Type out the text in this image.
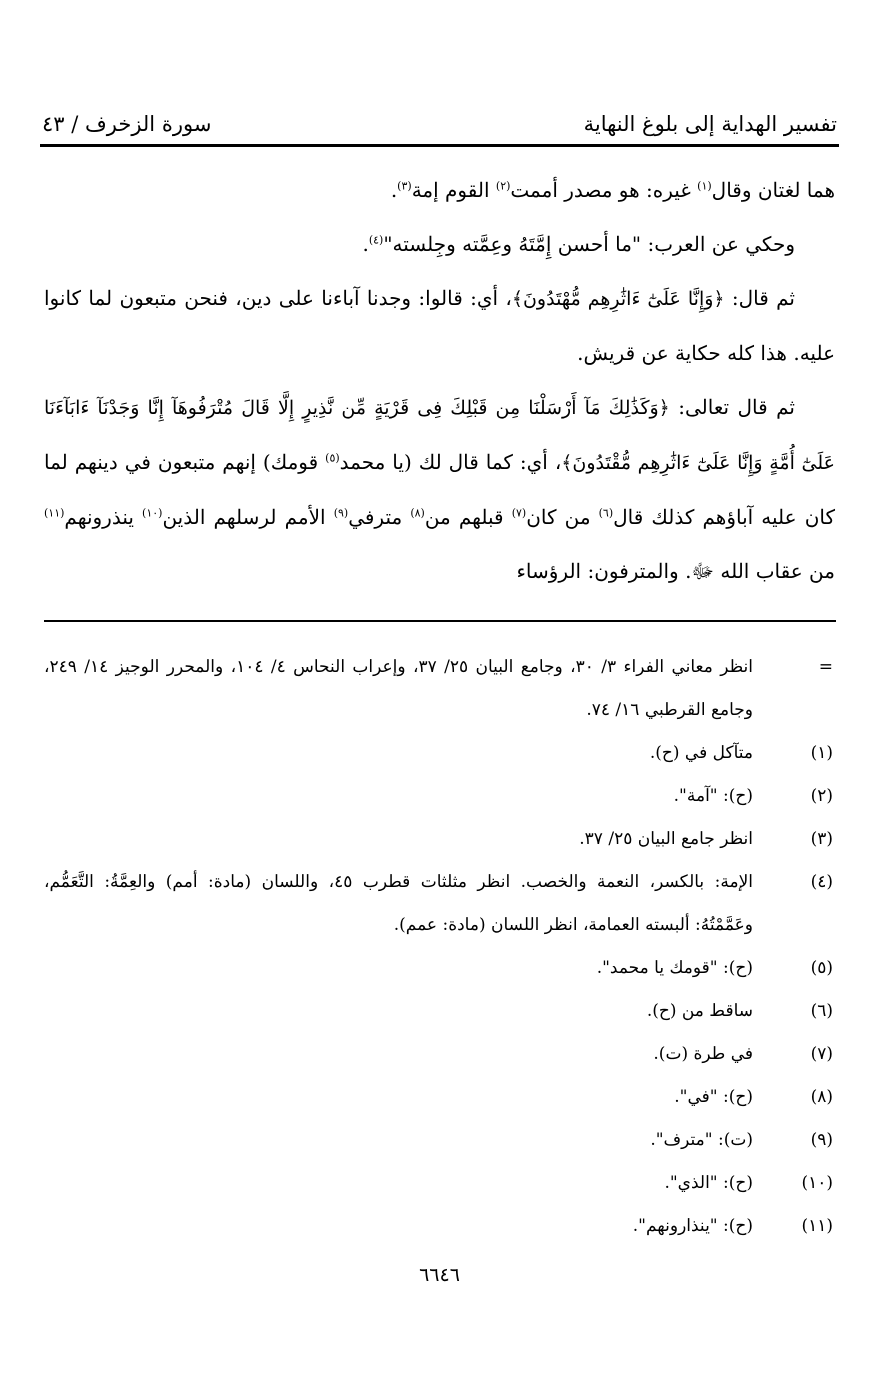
تفسير الهداية إلى بلوغ النهاية
سورة الزخرف / ٤٣

هما لغتان وقال$^{(١)}$ غيره: هو مصدر أممت$^{(٢)}$ القوم إمة$^{(٣)}$.

وحكي عن العرب: "ما أحسن إِمَّتَهُ وعِمَّته وجِلسته"$^{(٤)}$.

ثم قال: ﴿وَإِنَّا عَلَىٰٓ ءَاثَٰرِهِم مُّهْتَدُونَ﴾، أي: قالوا: وجدنا آباءنا على دين، فنحن متبعون لما كانوا عليه. هذا كله حكاية عن قريش.

ثم قال تعالى: ﴿وَكَذَٰلِكَ مَآ أَرْسَلْنَا مِن قَبْلِكَ فِى قَرْيَةٍ مِّن نَّذِيرٍ إِلَّا قَالَ مُتْرَفُوهَآ إِنَّا وَجَدْنَآ ءَابَآءَنَا عَلَىٰٓ أُمَّةٍ وَإِنَّا عَلَىٰٓ ءَاثَٰرِهِم مُّقْتَدُونَ﴾، أي: كما قال لك (يا محمد$^{(٥)}$ قومك) إنهم متبعون في دينهم لما كان عليه آباؤهم كذلك قال$^{(٦)}$ من كان$^{(٧)}$ قبلهم من$^{(٨)}$ مترفي$^{(٩)}$ الأمم لرسلهم الذين$^{(١٠)}$ ينذرونهم$^{(١١)}$ من عقاب الله ﷻ. والمترفون: الرؤساء

=
انظر معاني الفراء ٣/ ٣٠، وجامع البيان ٢٥/ ٣٧، وإعراب النحاس ٤/ ١٠٤، والمحرر الوجيز ١٤/ ٢٤٩، وجامع القرطبي ١٦/ ٧٤.
(١)
متآكل في (ح).
(٢)
(ح): "آمة".
(٣)
انظر جامع البيان ٢٥/ ٣٧.
(٤)
الإمة: بالكسر، النعمة والخصب. انظر مثلثات قطرب ٤٥، واللسان (مادة: أمم) والعِمَّةُ: التَّعَمُّم، وعَمَّمْتُهُ: ألبسته العمامة، انظر اللسان (مادة: عمم).
(٥)
(ح): "قومك يا محمد".
(٦)
ساقط من (ح).
(٧)
في طرة (ت).
(٨)
(ح): "في".
(٩)
(ت): "مترف".
(١٠)
(ح): "الذي".
(١١)
(ح): "ينذارونهم".
٦٦٤٦
